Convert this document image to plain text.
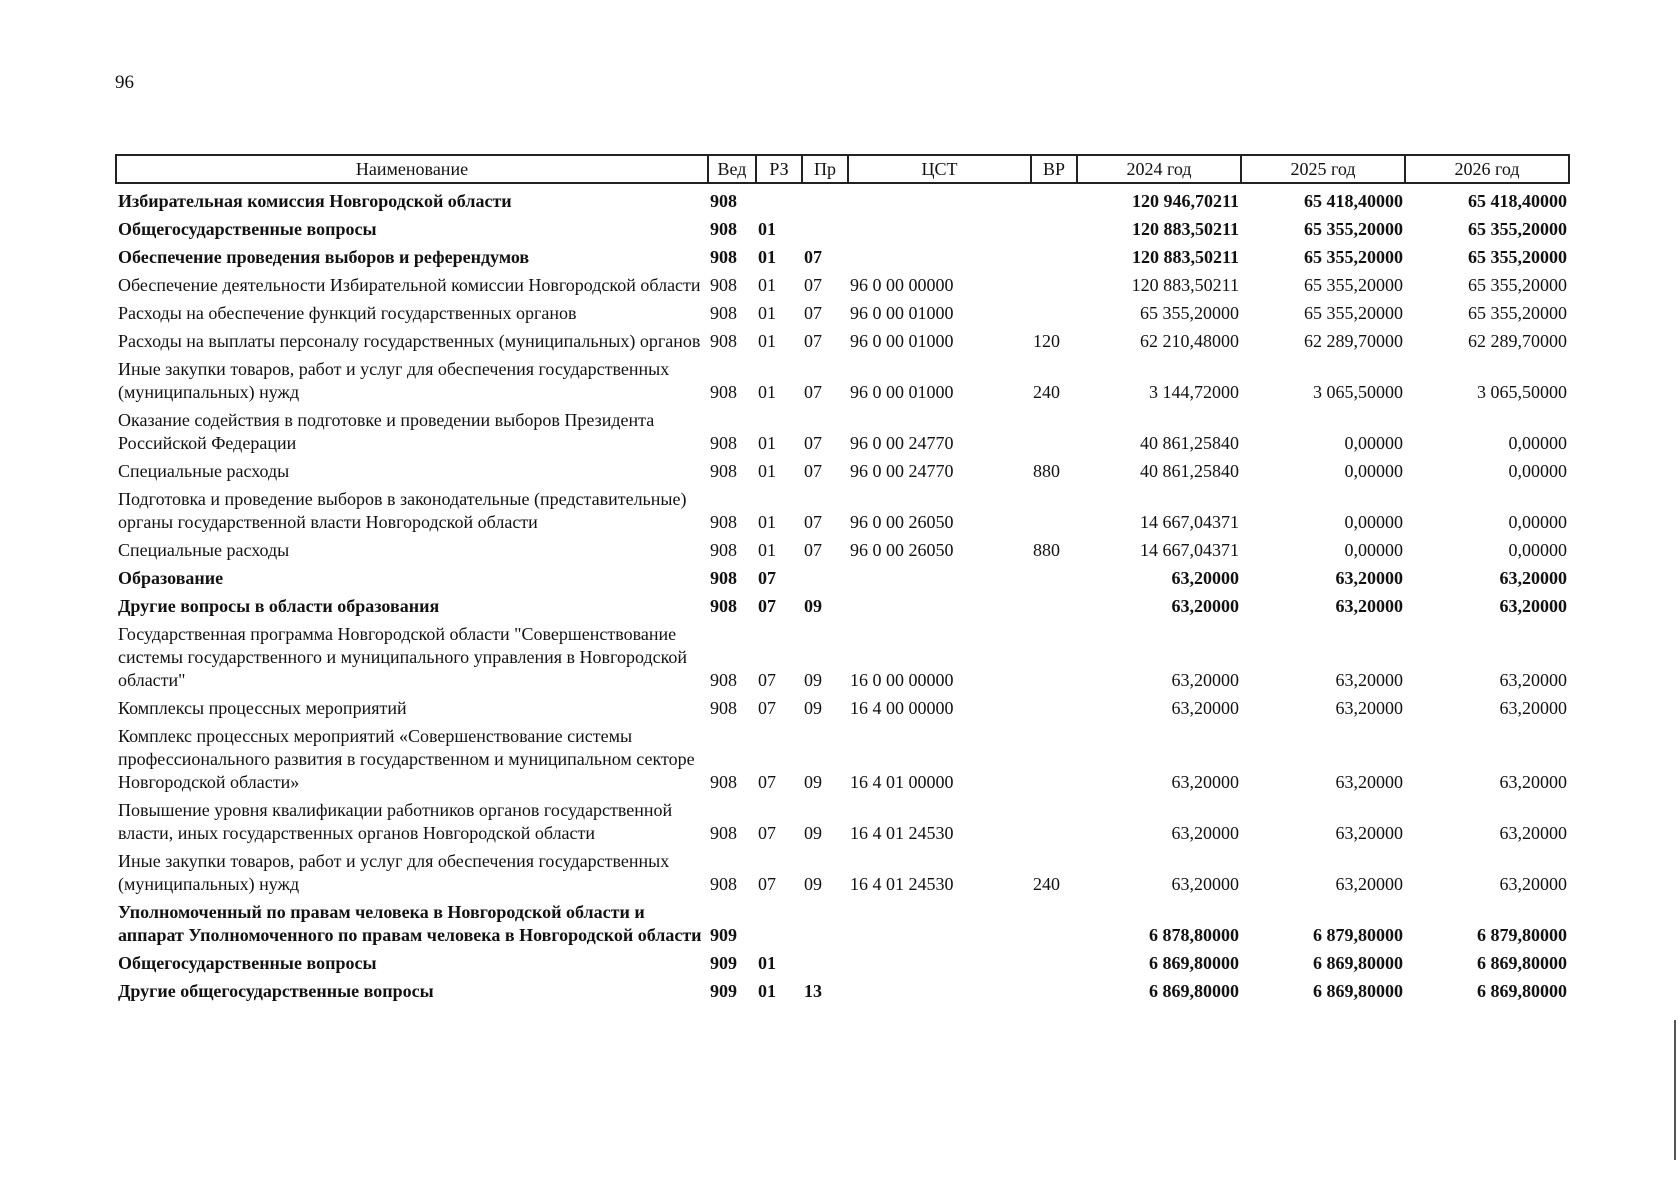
96
Наименование	Вед	РЗ	Пр	ЦСТ	ВР	2024 год	2025 год	2026 год
Избирательная комиссия Новгородской области	908					120 946,70211	65 418,40000	65 418,40000
Общегосударственные вопросы	908	01				120 883,50211	65 355,20000	65 355,20000
Обеспечение проведения выборов и референдумов	908	01	07			120 883,50211	65 355,20000	65 355,20000
Обеспечение деятельности Избирательной комиссии Новгородской области	908	01	07	96 0 00 00000		120 883,50211	65 355,20000	65 355,20000
Расходы на обеспечение функций государственных органов	908	01	07	96 0 00 01000		65 355,20000	65 355,20000	65 355,20000
Расходы на выплаты персоналу государственных (муниципальных) органов	908	01	07	96 0 00 01000	120	62 210,48000	62 289,70000	62 289,70000
Иные закупки товаров, работ и услуг для обеспечения государственных (муниципальных) нужд	908	01	07	96 0 00 01000	240	3 144,72000	3 065,50000	3 065,50000
Оказание содействия в подготовке и проведении выборов Президента Российской Федерации	908	01	07	96 0 00 24770		40 861,25840	0,00000	0,00000
Специальные расходы	908	01	07	96 0 00 24770	880	40 861,25840	0,00000	0,00000
Подготовка и проведение выборов в законодательные (представительные) органы государственной власти Новгородской области	908	01	07	96 0 00 26050		14 667,04371	0,00000	0,00000
Специальные расходы	908	01	07	96 0 00 26050	880	14 667,04371	0,00000	0,00000
Образование	908	07				63,20000	63,20000	63,20000
Другие вопросы в области образования	908	07	09			63,20000	63,20000	63,20000
Государственная программа Новгородской области "Совершенствование системы государственного и муниципального управления в Новгородской области"	908	07	09	16 0 00 00000		63,20000	63,20000	63,20000
Комплексы процессных мероприятий	908	07	09	16 4 00 00000		63,20000	63,20000	63,20000
Комплекс процессных мероприятий «Совершенствование системы профессионального развития в государственном и муниципальном секторе Новгородской области»	908	07	09	16 4 01 00000		63,20000	63,20000	63,20000
Повышение уровня квалификации работников органов государственной власти, иных государственных органов Новгородской области	908	07	09	16 4 01 24530		63,20000	63,20000	63,20000
Иные закупки товаров, работ и услуг для обеспечения государственных (муниципальных) нужд	908	07	09	16 4 01 24530	240	63,20000	63,20000	63,20000
Уполномоченный по правам человека в Новгородской области и аппарат Уполномоченного по правам человека в Новгородской области	909					6 878,80000	6 879,80000	6 879,80000
Общегосударственные вопросы	909	01				6 869,80000	6 869,80000	6 869,80000
Другие общегосударственные вопросы	909	01	13			6 869,80000	6 869,80000	6 869,80000
